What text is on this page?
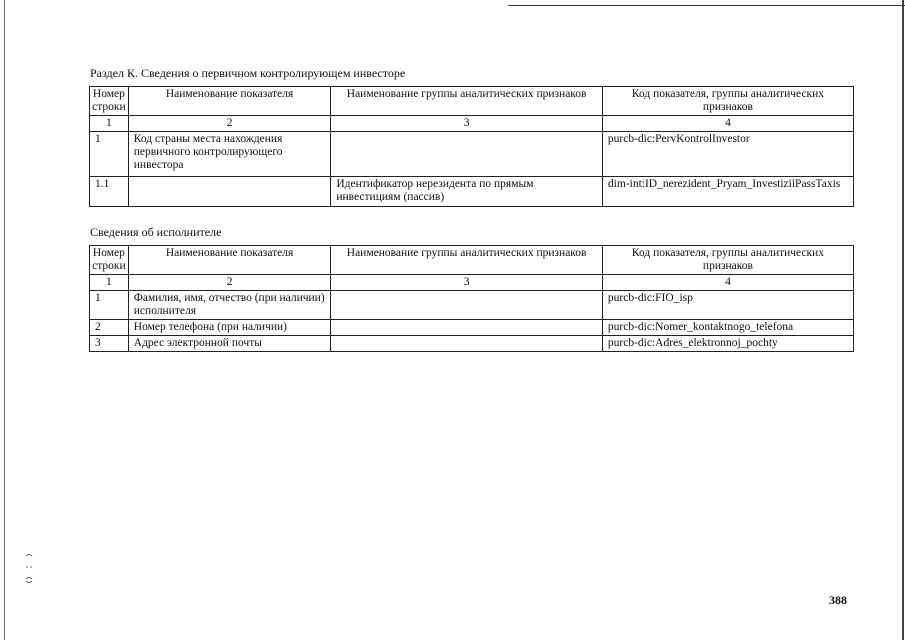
Раздел К. Сведения о первичном контролирующем инвесторе
Номер строки	Наименование показателя	Наименование группы аналитических признаков	Код показателя, группы аналитических признаков
1	2	3	4
1	Код страны места нахождения первичного контролирующего инвестора		purcb-dic:PervKontrolInvestor
1.1		Идентификатор нерезидента по прямым инвестициям (пассив)	dim-int:ID_nerezident_Pryam_InvestiziiPassTaxis
Сведения об исполнителе
Номер строки	Наименование показателя	Наименование группы аналитических признаков	Код показателя, группы аналитических признаков
1	2	3	4
1	Фамилия, имя, отчество (при наличии) исполнителя		purcb-dic:FIO_isp
2	Номер телефона (при наличии)		purcb-dic:Nomer_kontaktnogo_telefona
3	Адрес электронной почты		purcb-dic:Adres_elektronnoj_pochty
388
